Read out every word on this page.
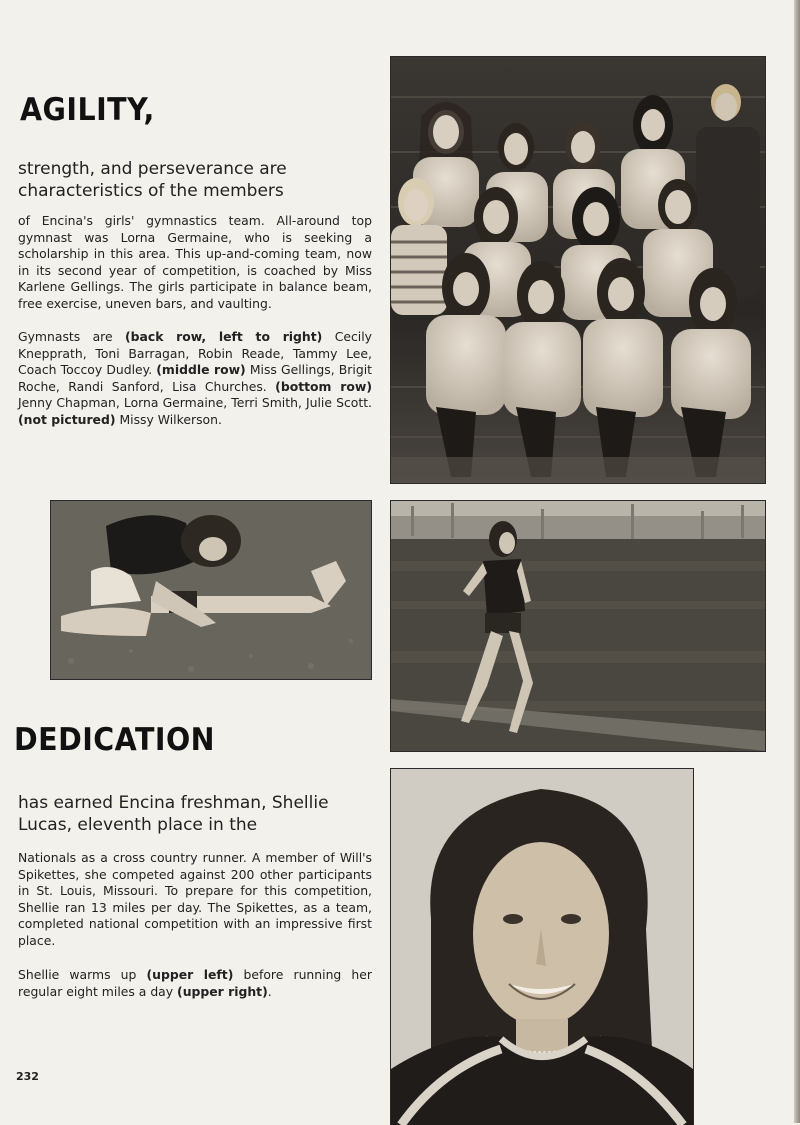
AGILITY,

strength, and perseverance are characteristics of the members

of Encina's girls' gymnastics team. All-around top gymnast was Lorna Germaine, who is seeking a scholarship in this area. This up-and-coming team, now in its second year of competition, is coached by Miss Karlene Gellings. The girls participate in balance beam, free exercise, uneven bars, and vaulting.

Gymnasts are (back row, left to right) Cecily Knepprath, Toni Barragan, Robin Reade, Tammy Lee, Coach Toccoy Dudley. (middle row) Miss Gellings, Brigit Roche, Randi Sanford, Lisa Churches. (bottom row) Jenny Chapman, Lorna Germaine, Terri Smith, Julie Scott. (not pictured) Missy Wilkerson.

DEDICATION

has earned Encina freshman, Shellie Lucas, eleventh place in the

Nationals as a cross country runner. A member of Will's Spikettes, she competed against 200 other participants in St. Louis, Missouri. To prepare for this competition, Shellie ran 13 miles per day. The Spikettes, as a team, completed national competition with an impressive first place.

Shellie warms up (upper left) before running her regular eight miles a day (upper right).

232
